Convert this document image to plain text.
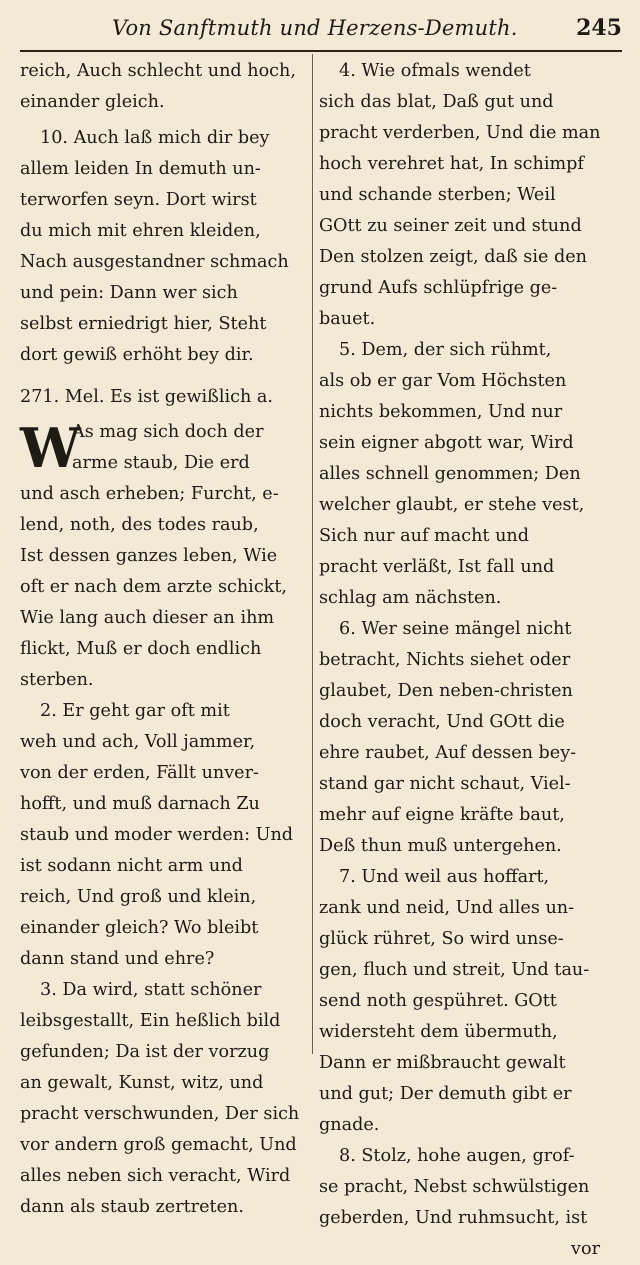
Von Sanftmuth und Herzens-Demuth.	245
reich, Auch schlecht und hoch,
einander gleich.
10. Auch laß mich dir bey
allem leiden In demuth un-
terworfen seyn. Dort wirst
du mich mit ehren kleiden,
Nach ausgestandner schmach
und pein: Dann wer sich
selbst erniedrigt hier, Steht
dort gewiß erhöht bey dir.
271. Mel. Es ist gewißlich a.
W
As mag sich doch der
arme staub, Die erd
und asch erheben; Furcht, e-
lend, noth, des todes raub,
Ist dessen ganzes leben, Wie
oft er nach dem arzte schickt,
Wie lang auch dieser an ihm
flickt, Muß er doch endlich
sterben.
2. Er geht gar oft mit
weh und ach, Voll jammer,
von der erden, Fällt unver-
hofft, und muß darnach Zu
staub und moder werden: Und
ist sodann nicht arm und
reich, Und groß und klein,
einander gleich? Wo bleibt
dann stand und ehre?
3. Da wird, statt schöner
leibsgestallt, Ein heßlich bild
gefunden; Da ist der vorzug
an gewalt, Kunst, witz, und
pracht verschwunden, Der sich
vor andern groß gemacht, Und
alles neben sich veracht, Wird
dann als staub zertreten.
4. Wie ofmals wendet
sich das blat, Daß gut und
pracht verderben, Und die man
hoch verehret hat, In schimpf
und schande sterben; Weil
GOtt zu seiner zeit und stund
Den stolzen zeigt, daß sie den
grund Aufs schlüpfrige ge-
bauet.
5. Dem, der sich rühmt,
als ob er gar Vom Höchsten
nichts bekommen, Und nur
sein eigner abgott war, Wird
alles schnell genommen; Den
welcher glaubt, er stehe vest,
Sich nur auf macht und
pracht verläßt, Ist fall und
schlag am nächsten.
6. Wer seine mängel nicht
betracht, Nichts siehet oder
glaubet, Den neben-christen
doch veracht, Und GOtt die
ehre raubet, Auf dessen bey-
stand gar nicht schaut, Viel-
mehr auf eigne kräfte baut,
Deß thun muß untergehen.
7. Und weil aus hoffart,
zank und neid, Und alles un-
glück rühret, So wird unse-
gen, fluch und streit, Und tau-
send noth gespühret. GOtt
widersteht dem übermuth,
Dann er mißbraucht gewalt
und gut; Der demuth gibt er
gnade.
8. Stolz, hohe augen, grof-
se pracht, Nebst schwülstigen
geberden, Und ruhmsucht, ist
vor
